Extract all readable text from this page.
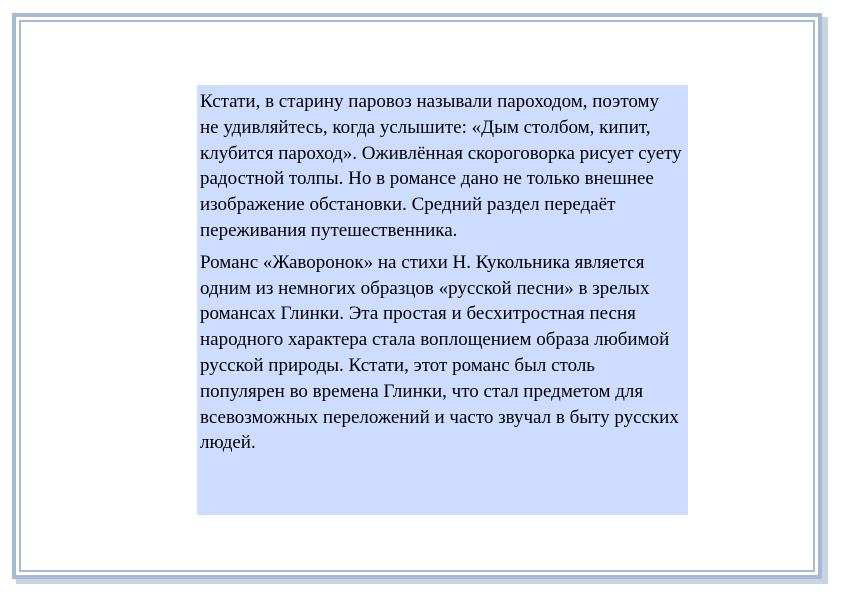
Кстати, в старину паровоз называли пароходом, поэтому не удивляйтесь, когда услышите: «Дым столбом, кипит, клубится пароход». Оживлённая скороговорка рисует суету радостной толпы. Но в романсе дано не только внешнее изображение обстановки. Средний раздел передаёт переживания путешественника.

Романс «Жаворонок» на стихи Н. Кукольника является одним из немногих образцов «русской песни» в зрелых романсах Глинки. Эта простая и бесхитростная песня народного характера стала воплощением образа любимой русской природы. Кстати, этот романс был столь популярен во времена Глинки, что стал предметом для всевозможных переложений и часто звучал в быту русских людей.
